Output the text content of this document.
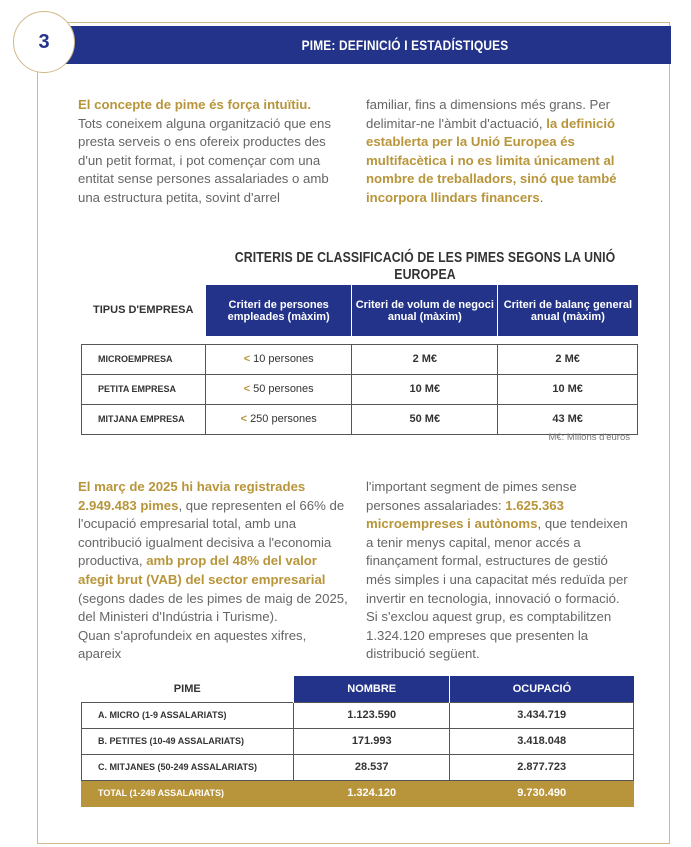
PIME: DEFINICIÓ I ESTADÍSTIQUES
3
El concepte de pime és força intuïtiu.
Tots coneixem alguna organització que ens presta serveis o ens ofereix productes des d'un petit format, i pot començar com una entitat sense persones assalariades o amb una estructura petita, sovint d'arrel
familiar, fins a dimensions més grans. Per delimitar-ne l'àmbit d'actuació, la definició establerta per la Unió Europea és multifacètica i no es limita únicament al nombre de treballadors, sinó que també incorpora llindars financers.
CRITERIS DE CLASSIFICACIÓ DE LES PIMES SEGONS LA UNIÓ EUROPEA
TIPUS D'EMPRESA	Criteri de persones empleades (màxim)	Criteri de volum de negoci anual (màxim)	Criteri de balanç general anual (màxim)

MICROEMPRESA	< 10 persones	2 M€	2 M€
PETITA EMPRESA	< 50 persones	10 M€	10 M€
MITJANA EMPRESA	< 250 persones	50 M€	43 M€
M€: Milions d'euros
El març de 2025 hi havia registrades 2.949.483 pimes, que representen el 66% de l'ocupació empresarial total, amb una contribució igualment decisiva a l'economia productiva, amb prop del 48% del valor afegit brut (VAB) del sector empresarial (segons dades de les pimes de maig de 2025, del Ministeri d'Indústria i Turisme).
Quan s'aprofundeix en aquestes xifres, apareix
l'important segment de pimes sense persones assalariades: 1.625.363 microempreses i autònoms, que tendeixen a tenir menys capital, menor accés a finançament formal, estructures de gestió més simples i una capacitat més reduïda per invertir en tecnologia, innovació o formació. Si s'exclou aquest grup, es comptabilitzen 1.324.120 empreses que presenten la distribució següent.
PIME	NOMBRE	OCUPACIÓ
A. MICRO (1-9 ASSALARIATS)	1.123.590	3.434.719
B. PETITES (10-49 ASSALARIATS)	171.993	3.418.048
C. MITJANES (50-249 ASSALARIATS)	28.537	2.877.723
TOTAL (1-249 ASSALARIATS)	1.324.120	9.730.490
